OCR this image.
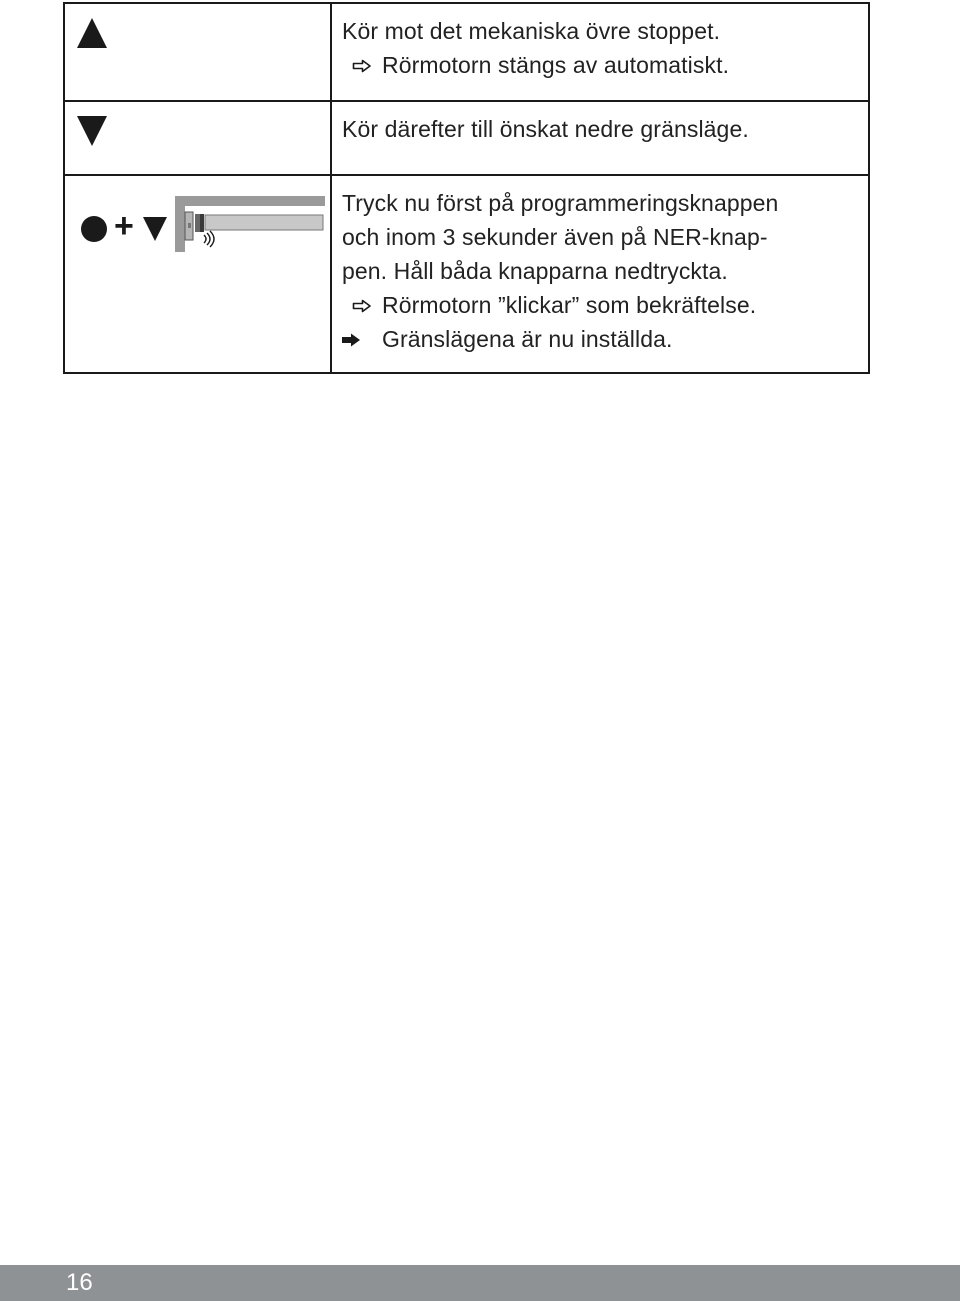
	Kör mot det mekaniska övre stoppet.
Rörmotorn stängs av automatiskt.

	Kör därefter till önskat nedre gränsläge.

+	Tryck nu först på programmeringsknappen
och inom 3 sekunder även på NER-knap-
pen. Håll båda knapparna nedtryckta.
Rörmotorn ”klickar” som bekräftelse.
Gränslägena är nu inställda.
16
